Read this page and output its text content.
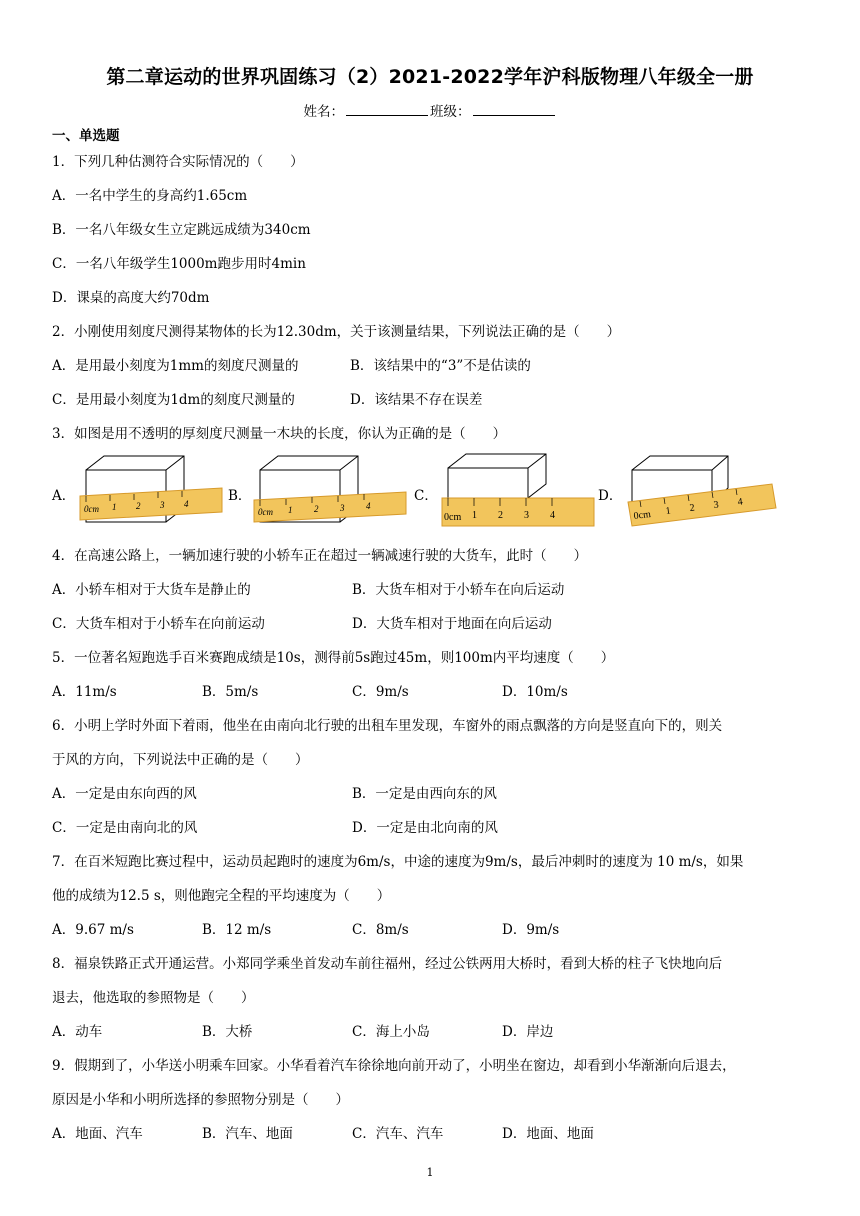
第二章运动的世界巩固练习（2）2021-2022学年沪科版物理八年级全一册
姓名：	班级：
一、单选题
1．下列几种估测符合实际情况的（　　）
A．一名中学生的身高约1.65cm
B．一名八年级女生立定跳远成绩为340cm
C．一名八年级学生1000m跑步用时4min
D．课桌的高度大约70dm
2．小刚使用刻度尺测得某物体的长为12.30dm，关于该测量结果，下列说法正确的是（　　）
A．是用最小刻度为1mm的刻度尺测量的	B．该结果中的“3”不是估读的
C．是用最小刻度为1dm的刻度尺测量的	D．该结果不存在误差
3．如图是用不透明的厚刻度尺测量一木块的长度，你认为正确的是（　　）
A．
0cm 1 2 3 4	B．
0cm 1 2 3 4
C．
0cm 1 2 3 4
D．
0cm 1 2 3 4
4．在高速公路上，一辆加速行驶的小轿车正在超过一辆减速行驶的大货车，此时（　　）
A．小轿车相对于大货车是静止的	B．大货车相对于小轿车在向后运动
C．大货车相对于小轿车在向前运动	D．大货车相对于地面在向后运动
5．一位著名短跑选手百米赛跑成绩是10s，测得前5s跑过45m，则100m内平均速度（　　）
A．11m/s	B．5m/s	C．9m/s	D．10m/s
6．小明上学时外面下着雨，他坐在由南向北行驶的出租车里发现，车窗外的雨点飘落的方向是竖直向下的，则关
于风的方向，下列说法中正确的是（　　）
A．一定是由东向西的风	B．一定是由西向东的风
C．一定是由南向北的风	D．一定是由北向南的风
7．在百米短跑比赛过程中，运动员起跑时的速度为6m/s，中途的速度为9m/s，最后冲刺时的速度为 10 m/s，如果
他的成绩为12.5 s，则他跑完全程的平均速度为（　　）
A．9.67 m/s	B．12 m/s	C．8m/s	D．9m/s
8．福泉铁路正式开通运营。小郑同学乘坐首发动车前往福州，经过公铁两用大桥时，看到大桥的柱子飞快地向后
退去，他选取的参照物是（　　）
A．动车	B．大桥	C．海上小岛	D．岸边
9．假期到了，小华送小明乘车回家。小华看着汽车徐徐地向前开动了，小明坐在窗边，却看到小华渐渐向后退去，
原因是小华和小明所选择的参照物分别是（　　）
A．地面、汽车	B．汽车、地面	C．汽车、汽车	D．地面、地面
1
